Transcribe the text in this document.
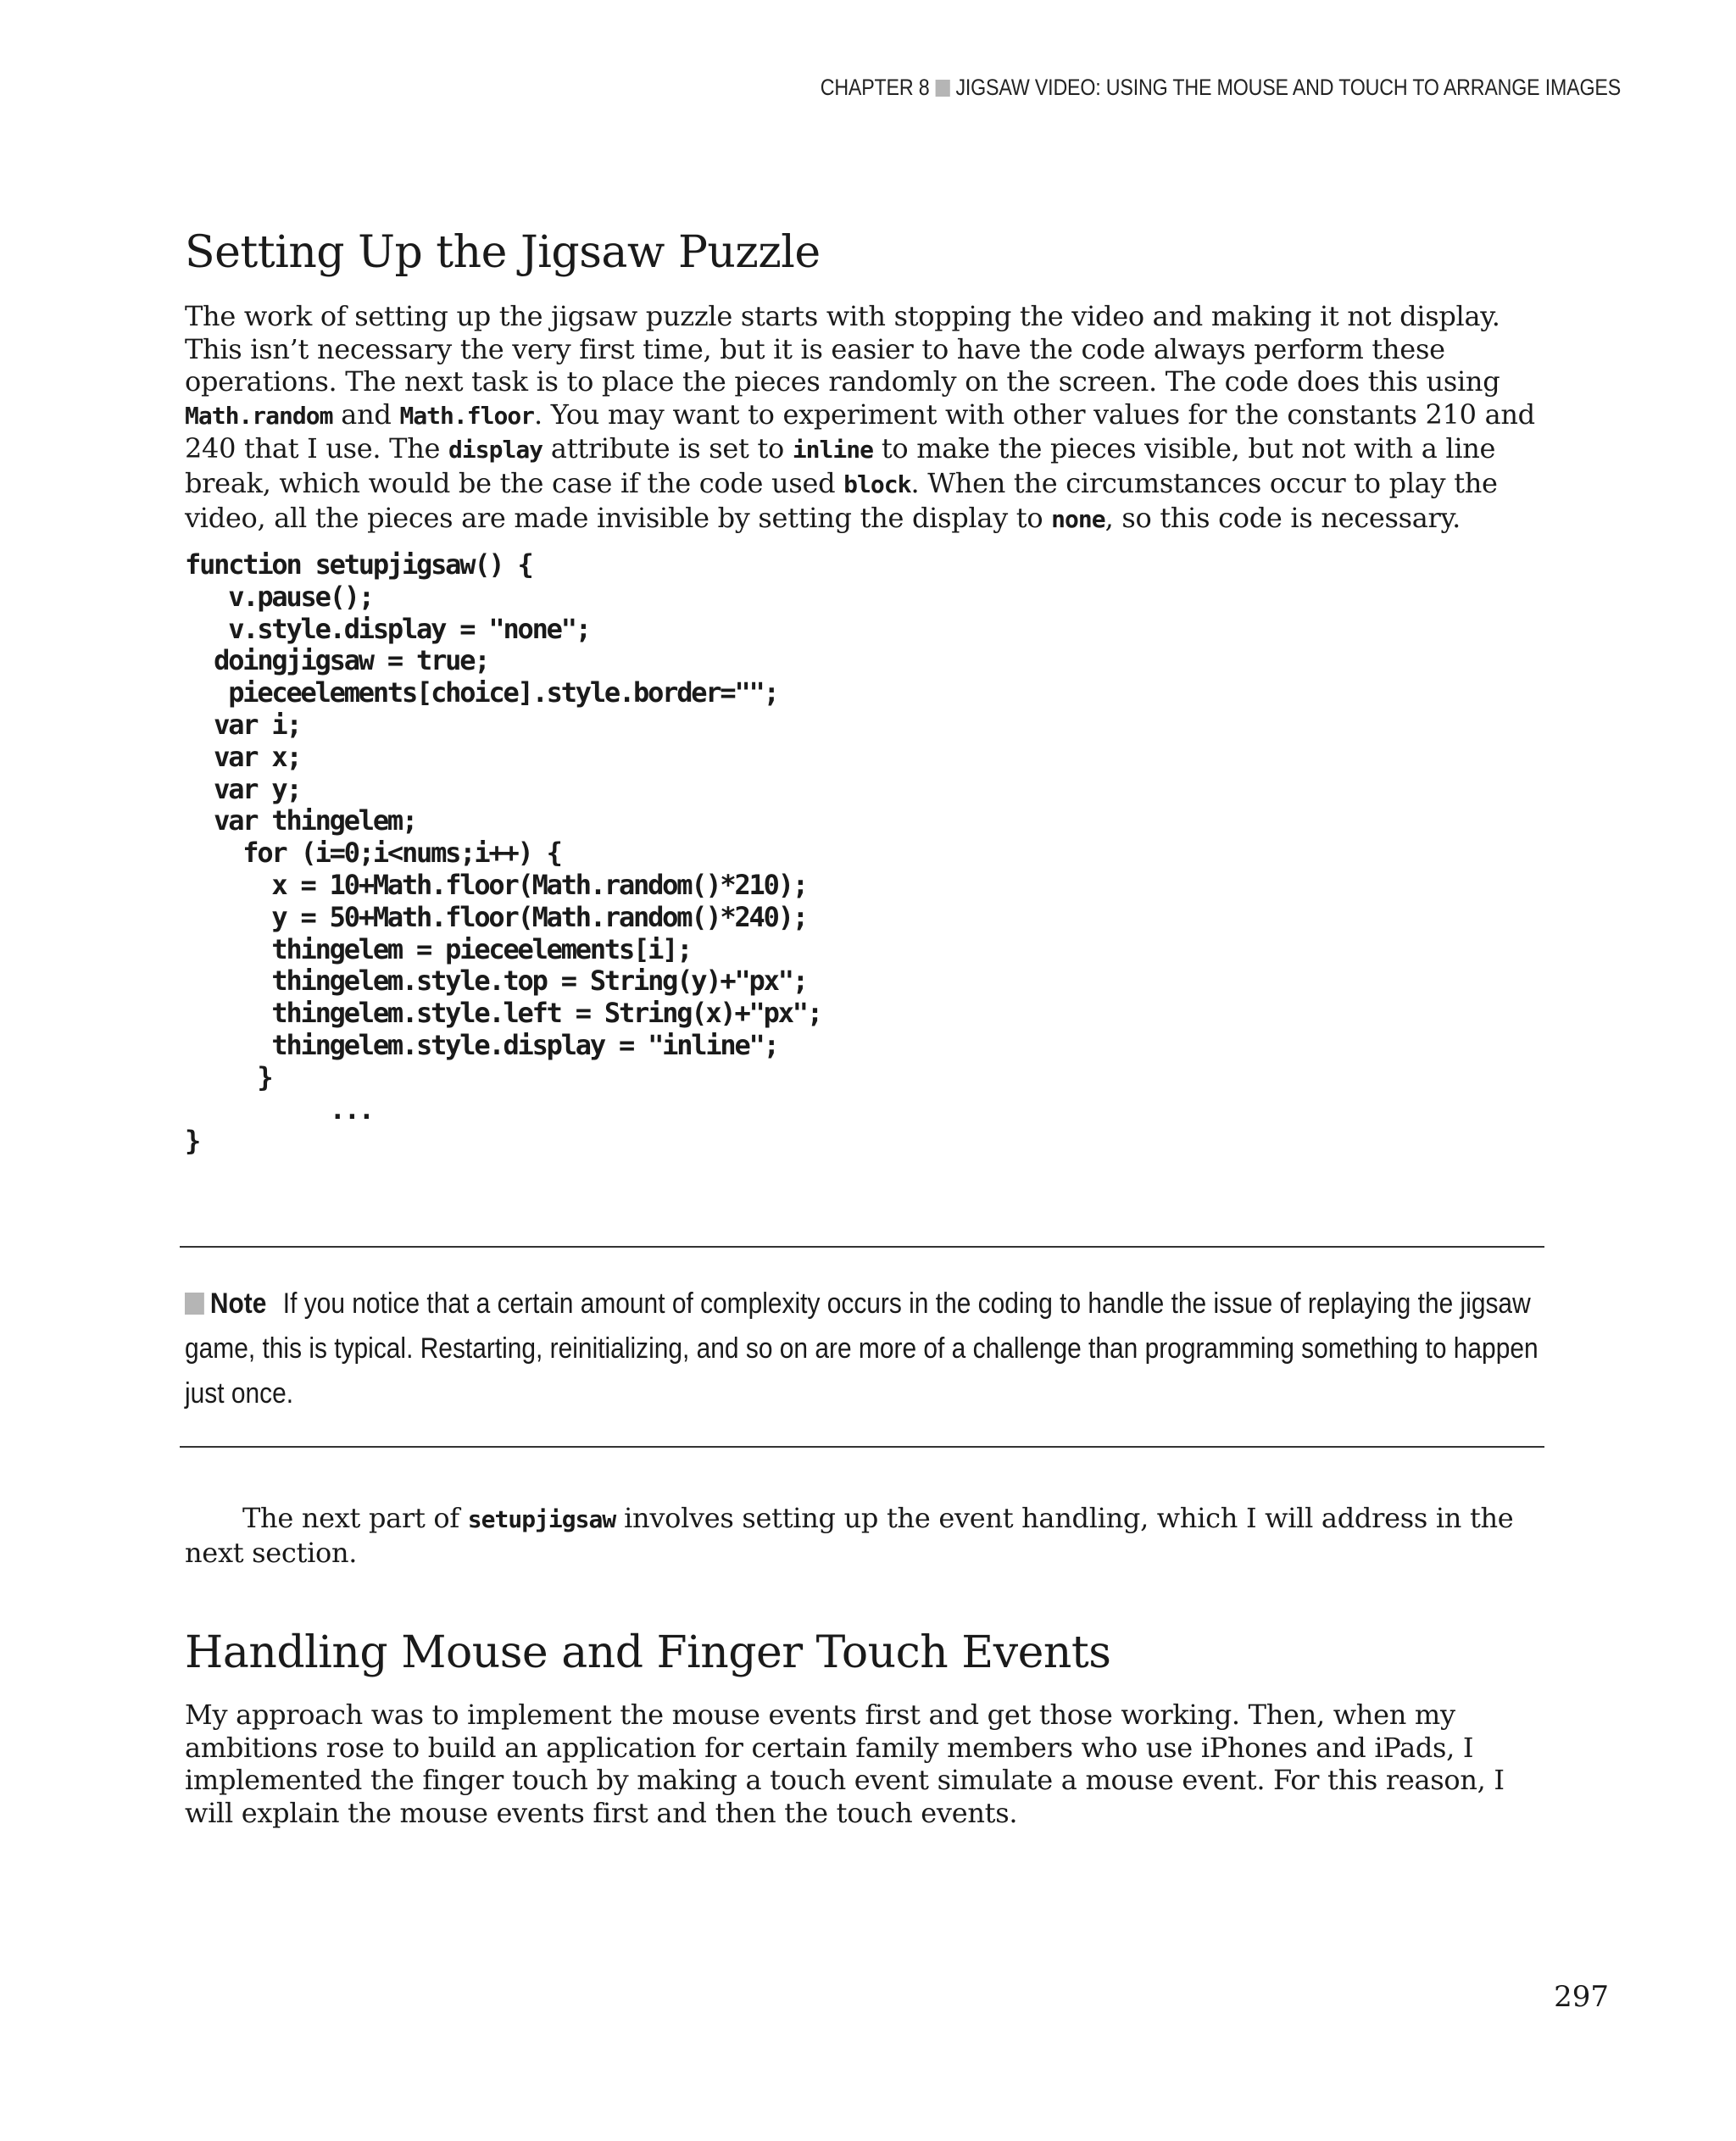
CHAPTER 8 JIGSAW VIDEO: USING THE MOUSE AND TOUCH TO ARRANGE IMAGES
Setting Up the Jigsaw Puzzle

The work of setting up the jigsaw puzzle starts with stopping the video and making it not display. This isn’t necessary the very first time, but it is easier to have the code always perform these operations. The next task is to place the pieces randomly on the screen. The code does this using Math.random and Math.floor. You may want to experiment with other values for the constants 210 and 240 that I use. The display attribute is set to inline to make the pieces visible, but not with a line break, which would be the case if the code used block. When the circumstances occur to play the video, all the pieces are made invisible by setting the display to none, so this code is necessary.

function setupjigsaw() {
v.pause();
v.style.display = "none";
doingjigsaw = true;
pieceelements[choice].style.border="";
var i;
var x;
var y;
var thingelem;
for (i=0;i<nums;i++) {
x = 10+Math.floor(Math.random()*210);
y = 50+Math.floor(Math.random()*240);
thingelem = pieceelements[i];
thingelem.style.top = String(y)+"px";
thingelem.style.left = String(x)+"px";
thingelem.style.display = "inline";
}
...
}

The next part of setupjigsaw involves setting up the event handling, which I will address in the next section.

Handling Mouse and Finger Touch Events

My approach was to implement the mouse events first and get those working. Then, when my ambitions rose to build an application for certain family members who use iPhones and iPads, I implemented the finger touch by making a touch event simulate a mouse event. For this reason, I will explain the mouse events first and then the touch events.

Note If you notice that a certain amount of complexity occurs in the coding to handle the issue of replaying the jigsaw game, this is typical. Restarting, reinitializing, and so on are more of a challenge than programming something to happen just once.
297
